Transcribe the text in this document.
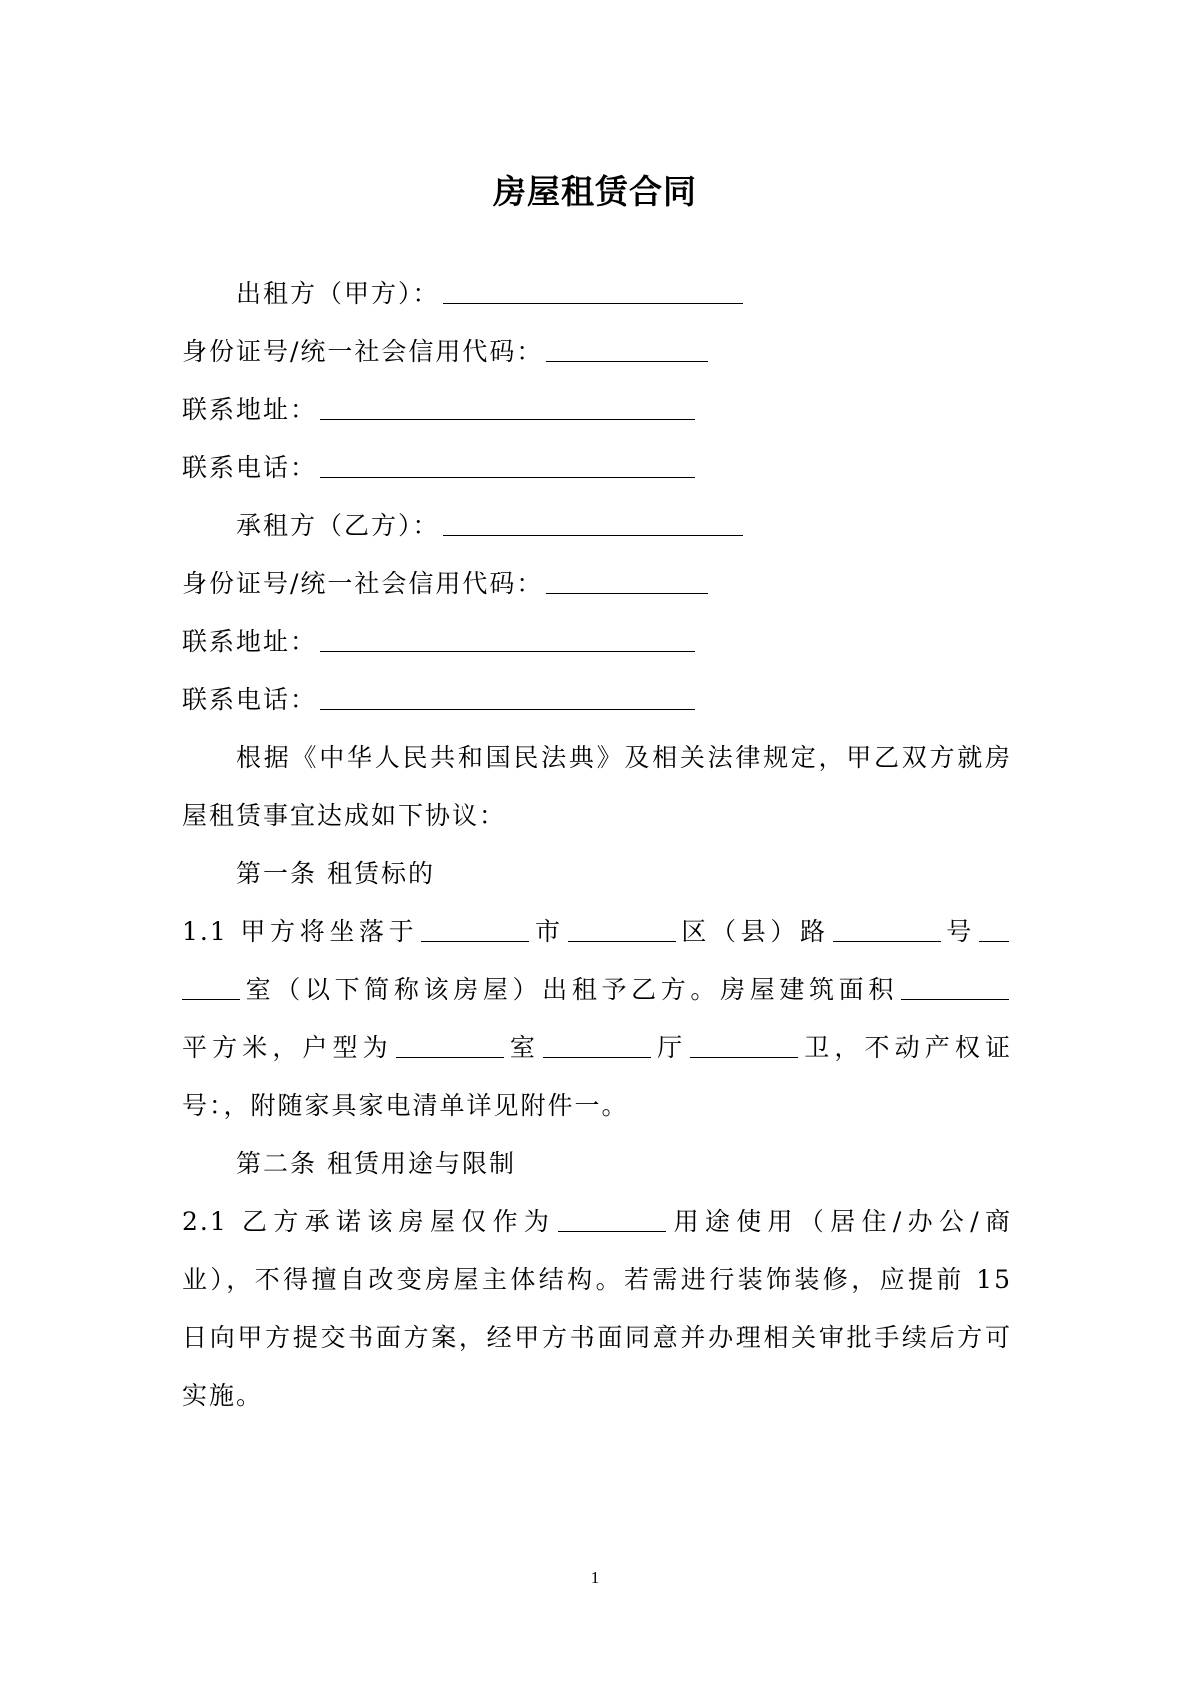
房屋租赁合同
出租方（甲方）：
身份证号/统一社会信用代码：
联系地址：
联系电话：
承租方（乙方）：
身份证号/统一社会信用代码：
联系地址：
联系电话：
根据《中华人民共和国民法典》及相关法律规定，甲乙双方就房
屋租赁事宜达成如下协议：
第一条 租赁标的
1.1 甲方将坐落于	市	区（县）路	号
室（以下简称该房屋）出租予乙方。房屋建筑面积
平方米，户型为	室	厅	卫，不动产权证
号：，附随家具家电清单详见附件一。
第二条 租赁用途与限制
2.1 乙方承诺该房屋仅作为	用途使用（居住/办公/商
业），不得擅自改变房屋主体结构。若需进行装饰装修，应提前 15
日向甲方提交书面方案，经甲方书面同意并办理相关审批手续后方可
实施。
1
